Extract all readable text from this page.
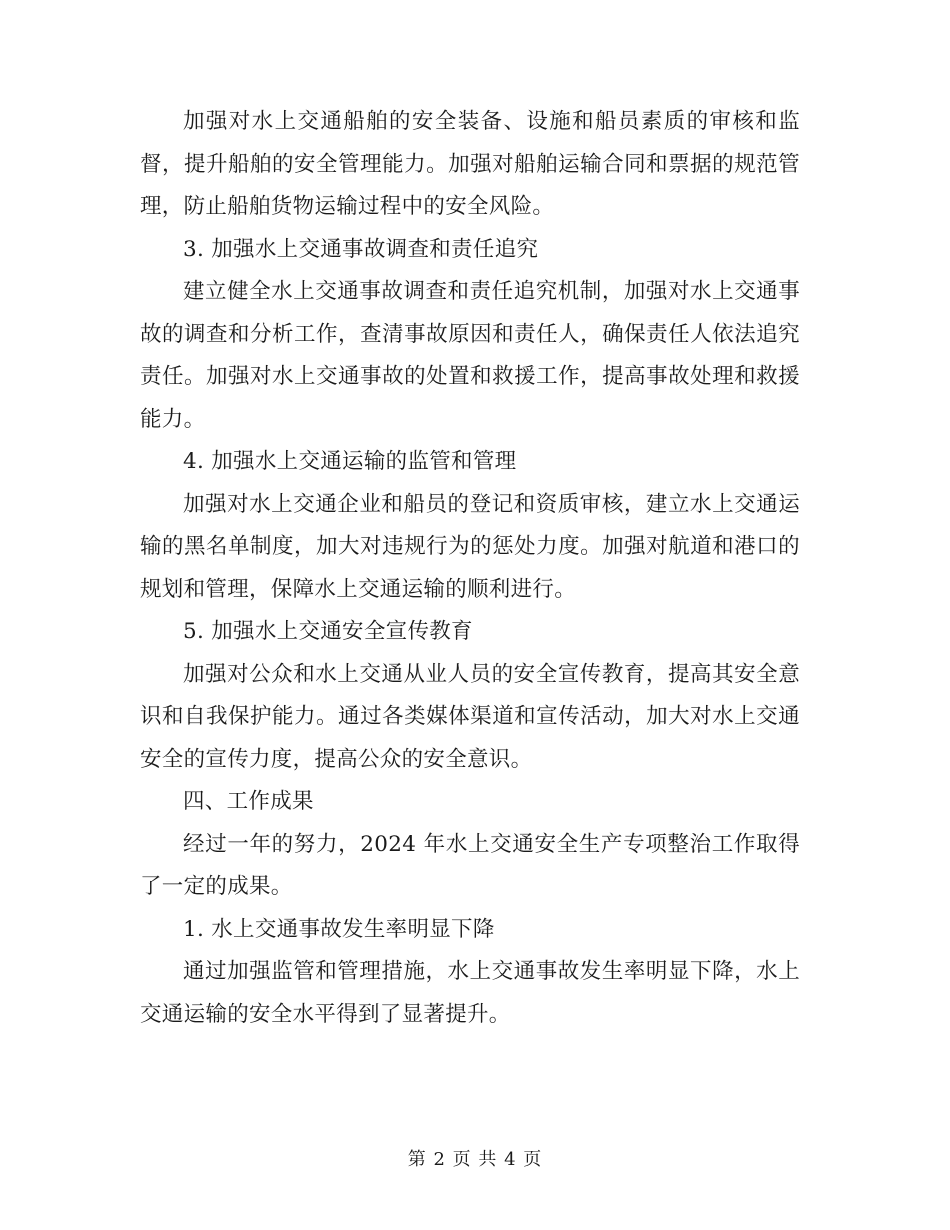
加强对水上交通船舶的安全装备、设施和船员素质的审核和监督，提升船舶的安全管理能力。加强对船舶运输合同和票据的规范管理，防止船舶货物运输过程中的安全风险。

3. 加强水上交通事故调查和责任追究

建立健全水上交通事故调查和责任追究机制，加强对水上交通事故的调查和分析工作，查清事故原因和责任人，确保责任人依法追究责任。加强对水上交通事故的处置和救援工作，提高事故处理和救援能力。

4. 加强水上交通运输的监管和管理

加强对水上交通企业和船员的登记和资质审核，建立水上交通运输的黑名单制度，加大对违规行为的惩处力度。加强对航道和港口的规划和管理，保障水上交通运输的顺利进行。

5. 加强水上交通安全宣传教育

加强对公众和水上交通从业人员的安全宣传教育，提高其安全意识和自我保护能力。通过各类媒体渠道和宣传活动，加大对水上交通安全的宣传力度，提高公众的安全意识。

四、工作成果

经过一年的努力，2024 年水上交通安全生产专项整治工作取得了一定的成果。

1. 水上交通事故发生率明显下降

通过加强监管和管理措施，水上交通事故发生率明显下降，水上交通运输的安全水平得到了显著提升。

第 2 页 共 4 页
